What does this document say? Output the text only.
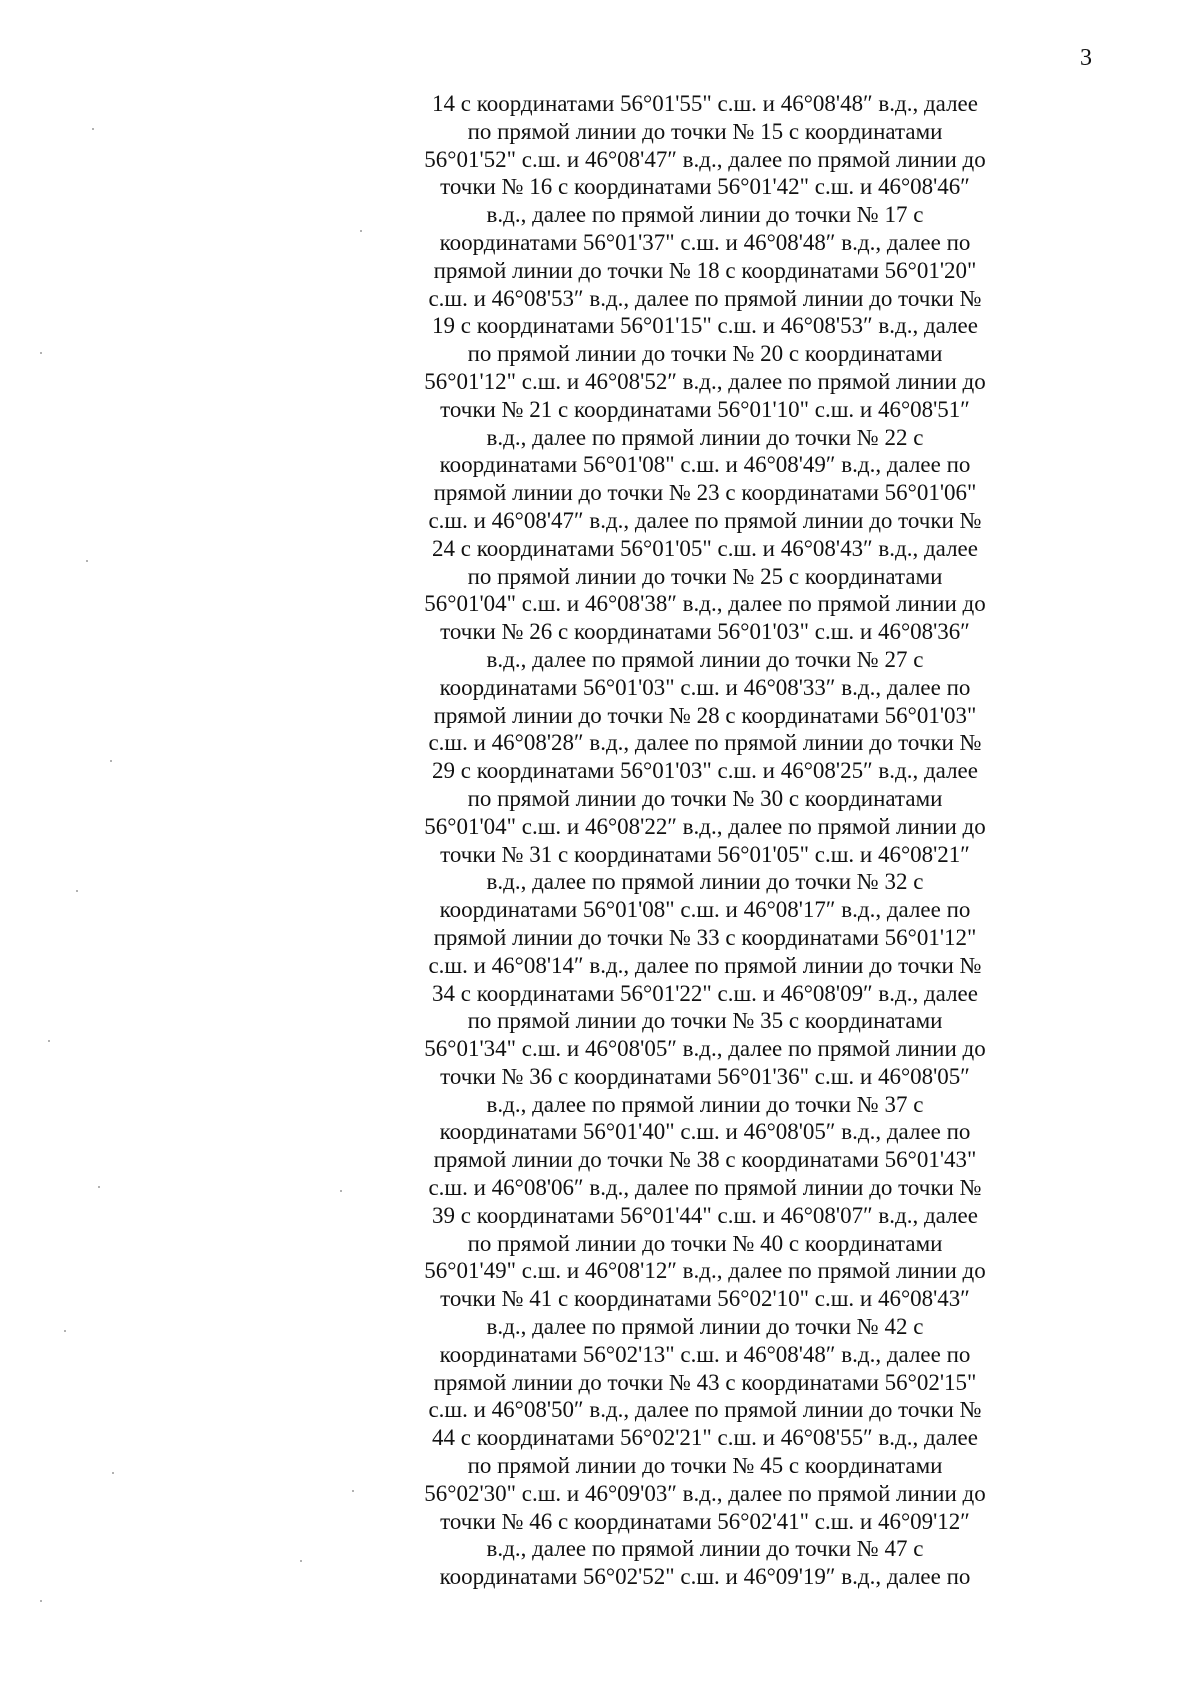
3
14 с координатами 56°01'55" с.ш. и 46°08'48″ в.д., далее
по прямой линии до точки № 15 с координатами
56°01'52" с.ш. и 46°08'47″ в.д., далее по прямой линии до
точки № 16 с координатами 56°01'42" с.ш. и 46°08'46″
в.д., далее по прямой линии до точки № 17 с
координатами 56°01'37" с.ш. и 46°08'48″ в.д., далее по
прямой линии до точки № 18 с координатами 56°01'20"
с.ш. и 46°08'53″ в.д., далее по прямой линии до точки №
19 с координатами 56°01'15" с.ш. и 46°08'53″ в.д., далее
по прямой линии до точки № 20 с координатами
56°01'12" с.ш. и 46°08'52″ в.д., далее по прямой линии до
точки № 21 с координатами 56°01'10" с.ш. и 46°08'51″
в.д., далее по прямой линии до точки № 22 с
координатами 56°01'08" с.ш. и 46°08'49″ в.д., далее по
прямой линии до точки № 23 с координатами 56°01'06"
с.ш. и 46°08'47″ в.д., далее по прямой линии до точки №
24 с координатами 56°01'05" с.ш. и 46°08'43″ в.д., далее
по прямой линии до точки № 25 с координатами
56°01'04" с.ш. и 46°08'38″ в.д., далее по прямой линии до
точки № 26 с координатами 56°01'03" с.ш. и 46°08'36″
в.д., далее по прямой линии до точки № 27 с
координатами 56°01'03" с.ш. и 46°08'33″ в.д., далее по
прямой линии до точки № 28 с координатами 56°01'03"
с.ш. и 46°08'28″ в.д., далее по прямой линии до точки №
29 с координатами 56°01'03" с.ш. и 46°08'25″ в.д., далее
по прямой линии до точки № 30 с координатами
56°01'04" с.ш. и 46°08'22″ в.д., далее по прямой линии до
точки № 31 с координатами 56°01'05" с.ш. и 46°08'21″
в.д., далее по прямой линии до точки № 32 с
координатами 56°01'08" с.ш. и 46°08'17″ в.д., далее по
прямой линии до точки № 33 с координатами 56°01'12"
с.ш. и 46°08'14″ в.д., далее по прямой линии до точки №
34 с координатами 56°01'22" с.ш. и 46°08'09″ в.д., далее
по прямой линии до точки № 35 с координатами
56°01'34" с.ш. и 46°08'05″ в.д., далее по прямой линии до
точки № 36 с координатами 56°01'36" с.ш. и 46°08'05″
в.д., далее по прямой линии до точки № 37 с
координатами 56°01'40" с.ш. и 46°08'05″ в.д., далее по
прямой линии до точки № 38 с координатами 56°01'43"
с.ш. и 46°08'06″ в.д., далее по прямой линии до точки №
39 с координатами 56°01'44" с.ш. и 46°08'07″ в.д., далее
по прямой линии до точки № 40 с координатами
56°01'49" с.ш. и 46°08'12″ в.д., далее по прямой линии до
точки № 41 с координатами 56°02'10" с.ш. и 46°08'43″
в.д., далее по прямой линии до точки № 42 с
координатами 56°02'13" с.ш. и 46°08'48″ в.д., далее по
прямой линии до точки № 43 с координатами 56°02'15"
с.ш. и 46°08'50″ в.д., далее по прямой линии до точки №
44 с координатами 56°02'21" с.ш. и 46°08'55″ в.д., далее
по прямой линии до точки № 45 с координатами
56°02'30" с.ш. и 46°09'03″ в.д., далее по прямой линии до
точки № 46 с координатами 56°02'41" с.ш. и 46°09'12″
в.д., далее по прямой линии до точки № 47 с
координатами 56°02'52" с.ш. и 46°09'19″ в.д., далее по
